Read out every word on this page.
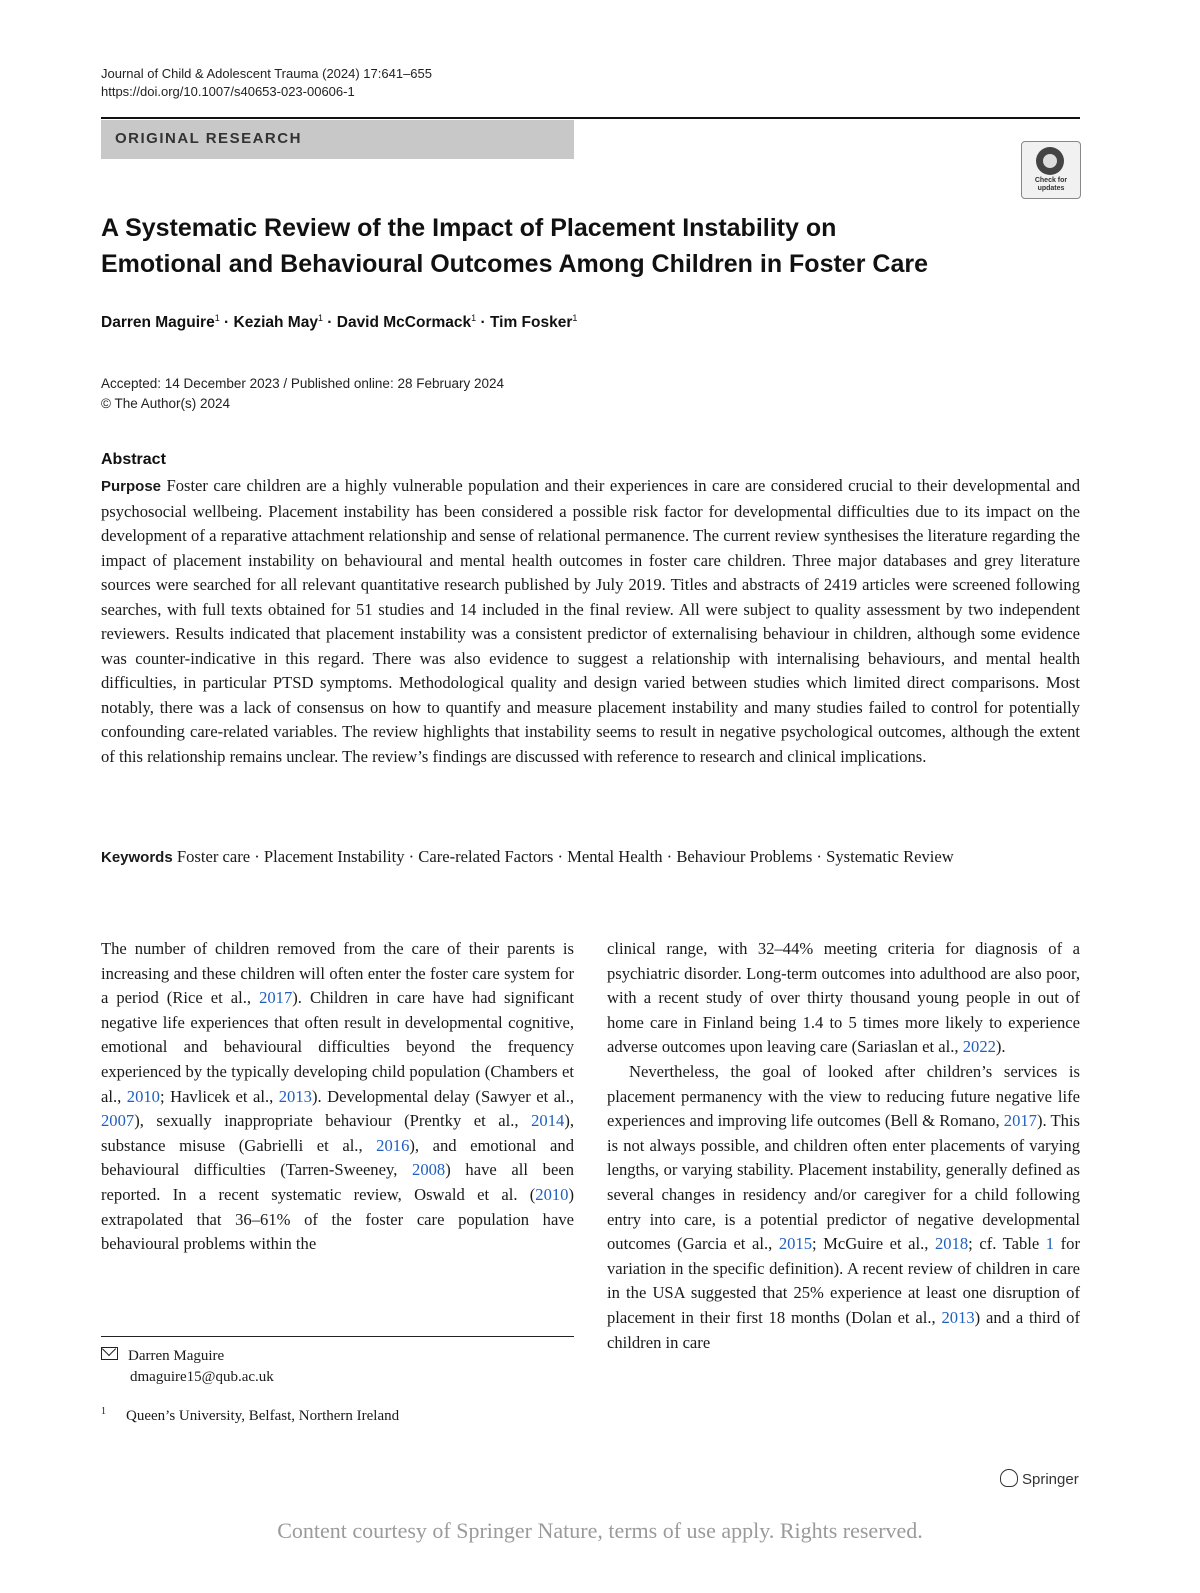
Journal of Child & Adolescent Trauma (2024) 17:641–655
https://doi.org/10.1007/s40653-023-00606-1
ORIGINAL RESEARCH
Check for updates
A Systematic Review of the Impact of Placement Instability on
Emotional and Behavioural Outcomes Among Children in Foster Care
Darren Maguire$^1$ · Keziah May$^1$ · David McCormack$^1$ · Tim Fosker$^1$
Accepted: 14 December 2023 / Published online: 28 February 2024
© The Author(s) 2024
Abstract
Purpose Foster care children are a highly vulnerable population and their experiences in care are considered crucial to their developmental and psychosocial wellbeing. Placement instability has been considered a possible risk factor for developmental difficulties due to its impact on the development of a reparative attachment relationship and sense of relational permanence. The current review synthesises the literature regarding the impact of placement instability on behavioural and mental health outcomes in foster care children. Three major databases and grey literature sources were searched for all relevant quantitative research published by July 2019. Titles and abstracts of 2419 articles were screened following searches, with full texts obtained for 51 studies and 14 included in the final review. All were subject to quality assessment by two independent reviewers. Results indicated that placement instability was a consistent predictor of externalising behaviour in children, although some evidence was counter-indicative in this regard. There was also evidence to suggest a relationship with internalising behaviours, and mental health difficulties, in particular PTSD symptoms. Methodological quality and design varied between studies which limited direct comparisons. Most notably, there was a lack of consensus on how to quantify and measure placement instability and many studies failed to control for potentially confounding care-related variables. The review highlights that instability seems to result in negative psychological outcomes, although the extent of this relationship remains unclear. The review’s findings are discussed with reference to research and clinical implications.
Keywords Foster care · Placement Instability · Care-related Factors · Mental Health · Behaviour Problems · Systematic Review

The number of children removed from the care of their parents is increasing and these children will often enter the foster care system for a period (Rice et al., 2017). Children in care have had significant negative life experiences that often result in developmental cognitive, emotional and behavioural difficulties beyond the frequency experienced by the typically developing child population (Chambers et al., 2010; Havlicek et al., 2013). Developmental delay (Sawyer et al., 2007), sexually inappropriate behaviour (Prentky et al., 2014), substance misuse (Gabrielli et al., 2016), and emotional and behavioural difficulties (Tarren-Sweeney, 2008) have all been reported. In a recent systematic review, Oswald et al. (2010) extrapolated that 36–61% of the foster care population have behavioural problems within the

clinical range, with 32–44% meeting criteria for diagnosis of a psychiatric disorder. Long-term outcomes into adulthood are also poor, with a recent study of over thirty thousand young people in out of home care in Finland being 1.4 to 5 times more likely to experience adverse outcomes upon leaving care (Sariaslan et al., 2022).

Nevertheless, the goal of looked after children’s services is placement permanency with the view to reducing future negative life experiences and improving life outcomes (Bell & Romano, 2017). This is not always possible, and children often enter placements of varying lengths, or varying stability. Placement instability, generally defined as several changes in residency and/or caregiver for a child following entry into care, is a potential predictor of negative developmental outcomes (Garcia et al., 2015; McGuire et al., 2018; cf. Table 1 for variation in the specific definition). A recent review of children in care in the USA suggested that 25% experience at least one disruption of placement in their first 18 months (Dolan et al., 2013) and a third of children in care

Darren Maguire
dmaguire15@qub.ac.uk
$^1$ Queen’s University, Belfast, Northern Ireland
Springer
Content courtesy of Springer Nature, terms of use apply. Rights reserved.
